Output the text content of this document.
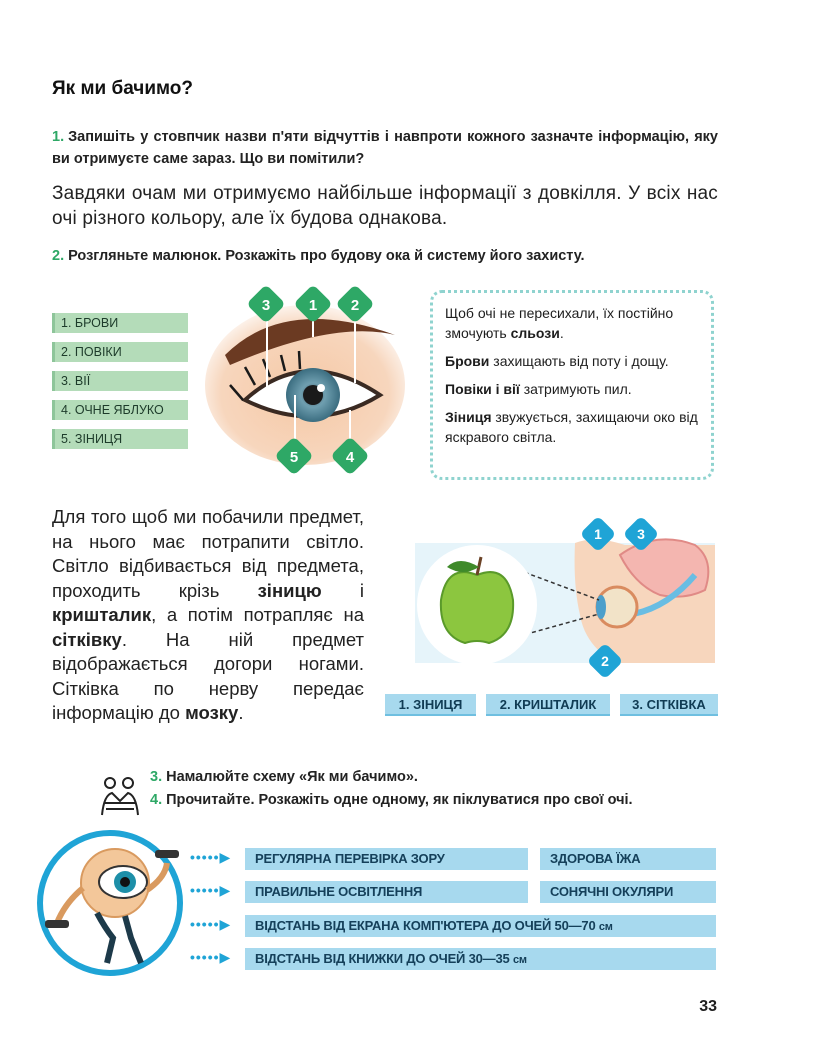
Як ми бачимо?
1. Запишіть у стовпчик назви п'яти відчуттів і навпроти кожного зазначте інформацію, яку ви отримуєте саме зараз. Що ви помітили?
Завдяки очам ми отримуємо найбільше інформації з довкілля. У всіх нас очі різного кольору, але їх будова однакова.
2. Розгляньте малюнок. Розкажіть про будову ока й систему його захисту.
1. БРОВИ
2. ПОВІКИ
3. ВІЇ
4. ОЧНЕ ЯБЛУКО
5. ЗІНИЦЯ
3	1 2
5	4

Щоб очі не пересихали, їх постійно змочують сльози.

Брови захищають від поту і дощу.

Повіки і вії затримують пил.

Зіниця звужується, захищаючи око від яскравого світла.

Для того щоб ми побачили предмет, на нього має потрапити світло. Світло відбивається від предмета, проходить крізь зіницю і кришталик, а потім потрапляє на сітківку. На ній предмет відображається догори ногами. Сітківка по нерву передає інформацію до мозку.
1	3
2
1. ЗІНИЦЯ	2. КРИШТАЛИК	3. СІТКІВКА
3. Намалюйте схему «Як ми бачимо».
4. Прочитайте. Розкажіть одне одному, як піклуватися про свої очі.
•••••▶
•••••▶
•••••▶
•••••▶
РЕГУЛЯРНА ПЕРЕВІРКА ЗОРУ	ЗДОРОВА ЇЖА
ПРАВИЛЬНЕ ОСВІТЛЕННЯ	СОНЯЧНІ ОКУЛЯРИ
ВІДСТАНЬ ВІД ЕКРАНА КОМП'ЮТЕРА ДО ОЧЕЙ 50—70 см
ВІДСТАНЬ ВІД КНИЖКИ ДО ОЧЕЙ 30—35 см
33
